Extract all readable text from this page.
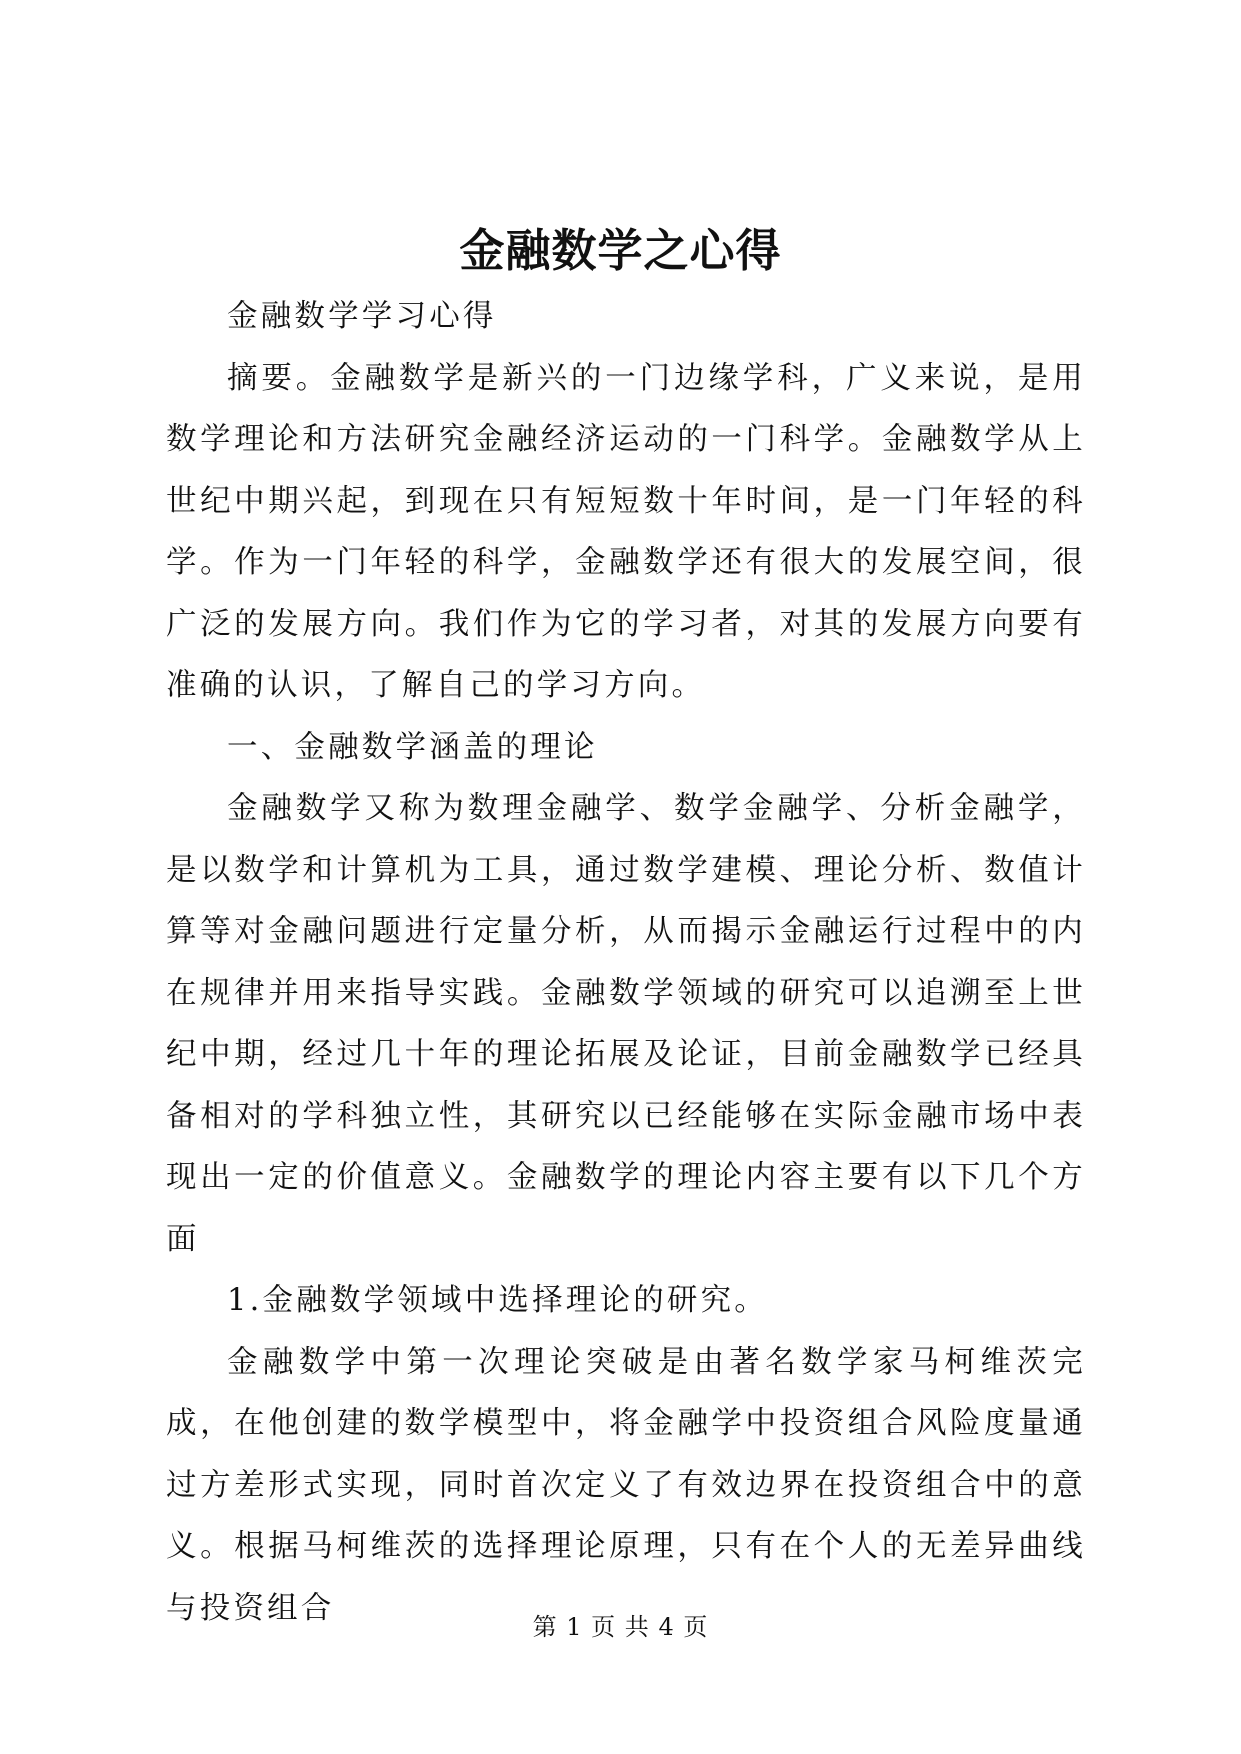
金融数学之心得

金融数学学习心得

摘要。金融数学是新兴的一门边缘学科，广义来说，是用数学理论和方法研究金融经济运动的一门科学。金融数学从上世纪中期兴起，到现在只有短短数十年时间，是一门年轻的科学。作为一门年轻的科学，金融数学还有很大的发展空间，很广泛的发展方向。我们作为它的学习者，对其的发展方向要有准确的认识，了解自己的学习方向。

一、金融数学涵盖的理论

金融数学又称为数理金融学、数学金融学、分析金融学，是以数学和计算机为工具，通过数学建模、理论分析、数值计算等对金融问题进行定量分析，从而揭示金融运行过程中的内在规律并用来指导实践。金融数学领域的研究可以追溯至上世纪中期，经过几十年的理论拓展及论证，目前金融数学已经具备相对的学科独立性，其研究以已经能够在实际金融市场中表现出一定的价值意义。金融数学的理论内容主要有以下几个方面

1.金融数学领域中选择理论的研究。

金融数学中第一次理论突破是由著名数学家马柯维茨完成，在他创建的数学模型中，将金融学中投资组合风险度量通过方差形式实现，同时首次定义了有效边界在投资组合中的意义。根据马柯维茨的选择理论原理，只有在个人的无差异曲线与投资组合

第 1 页 共 4 页
